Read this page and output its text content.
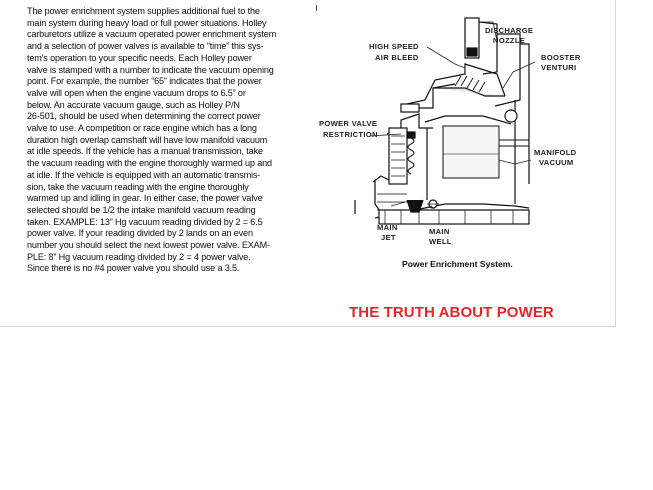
The power enrichment system supplies additional fuel to the
main system during heavy load or full power situations. Holley
carburetors utilize a vacuum operated power enrichment system
and a selection of power valves is available to “time” this sys-
tem's operation to your specific needs. Each Holley power
valve is stamped with a number to indicate the vacuum opening
point. For example, the number “65” indicates that the power
valve will open when the engine vacuum drops to 6.5” or
below. An accurate vacuum gauge, such as Holley P/N
26-501, should be used when determining the correct power
valve to use. A competition or race engine which has a long
duration high overlap camshaft will have low manifold vacuum
at idle speeds. If the vehicle has a manual transmission, take
the vacuum reading with the engine thoroughly warmed up and
at idle. If the vehicle is equipped with an automatic transmis-
sion, take the vacuum reading with the engine thoroughly
warmed up and idling in gear. In either case, the power valve
selected should be 1/2 the intake manifold vacuum reading
taken. EXAMPLE: 13” Hg vacuum reading divided by 2 = 6.5
power valve. If your reading divided by 2 lands on an even
number you should select the next lowest power valve. EXAM-
PLE: 8” Hg vacuum reading divided by 2 = 4 power valve.
Since there is no #4 power valve you should use a 3.5.
DISCHARGE
NOZZLE
HIGH SPEED
AIR BLEED	BOOSTER
VENTURI
POWER VALVE
RESTRICTION
MANIFOLD
VACUUM
MAIN
JET
MAIN
WELL
Power Enrichment System.
THE TRUTH ABOUT POWER
